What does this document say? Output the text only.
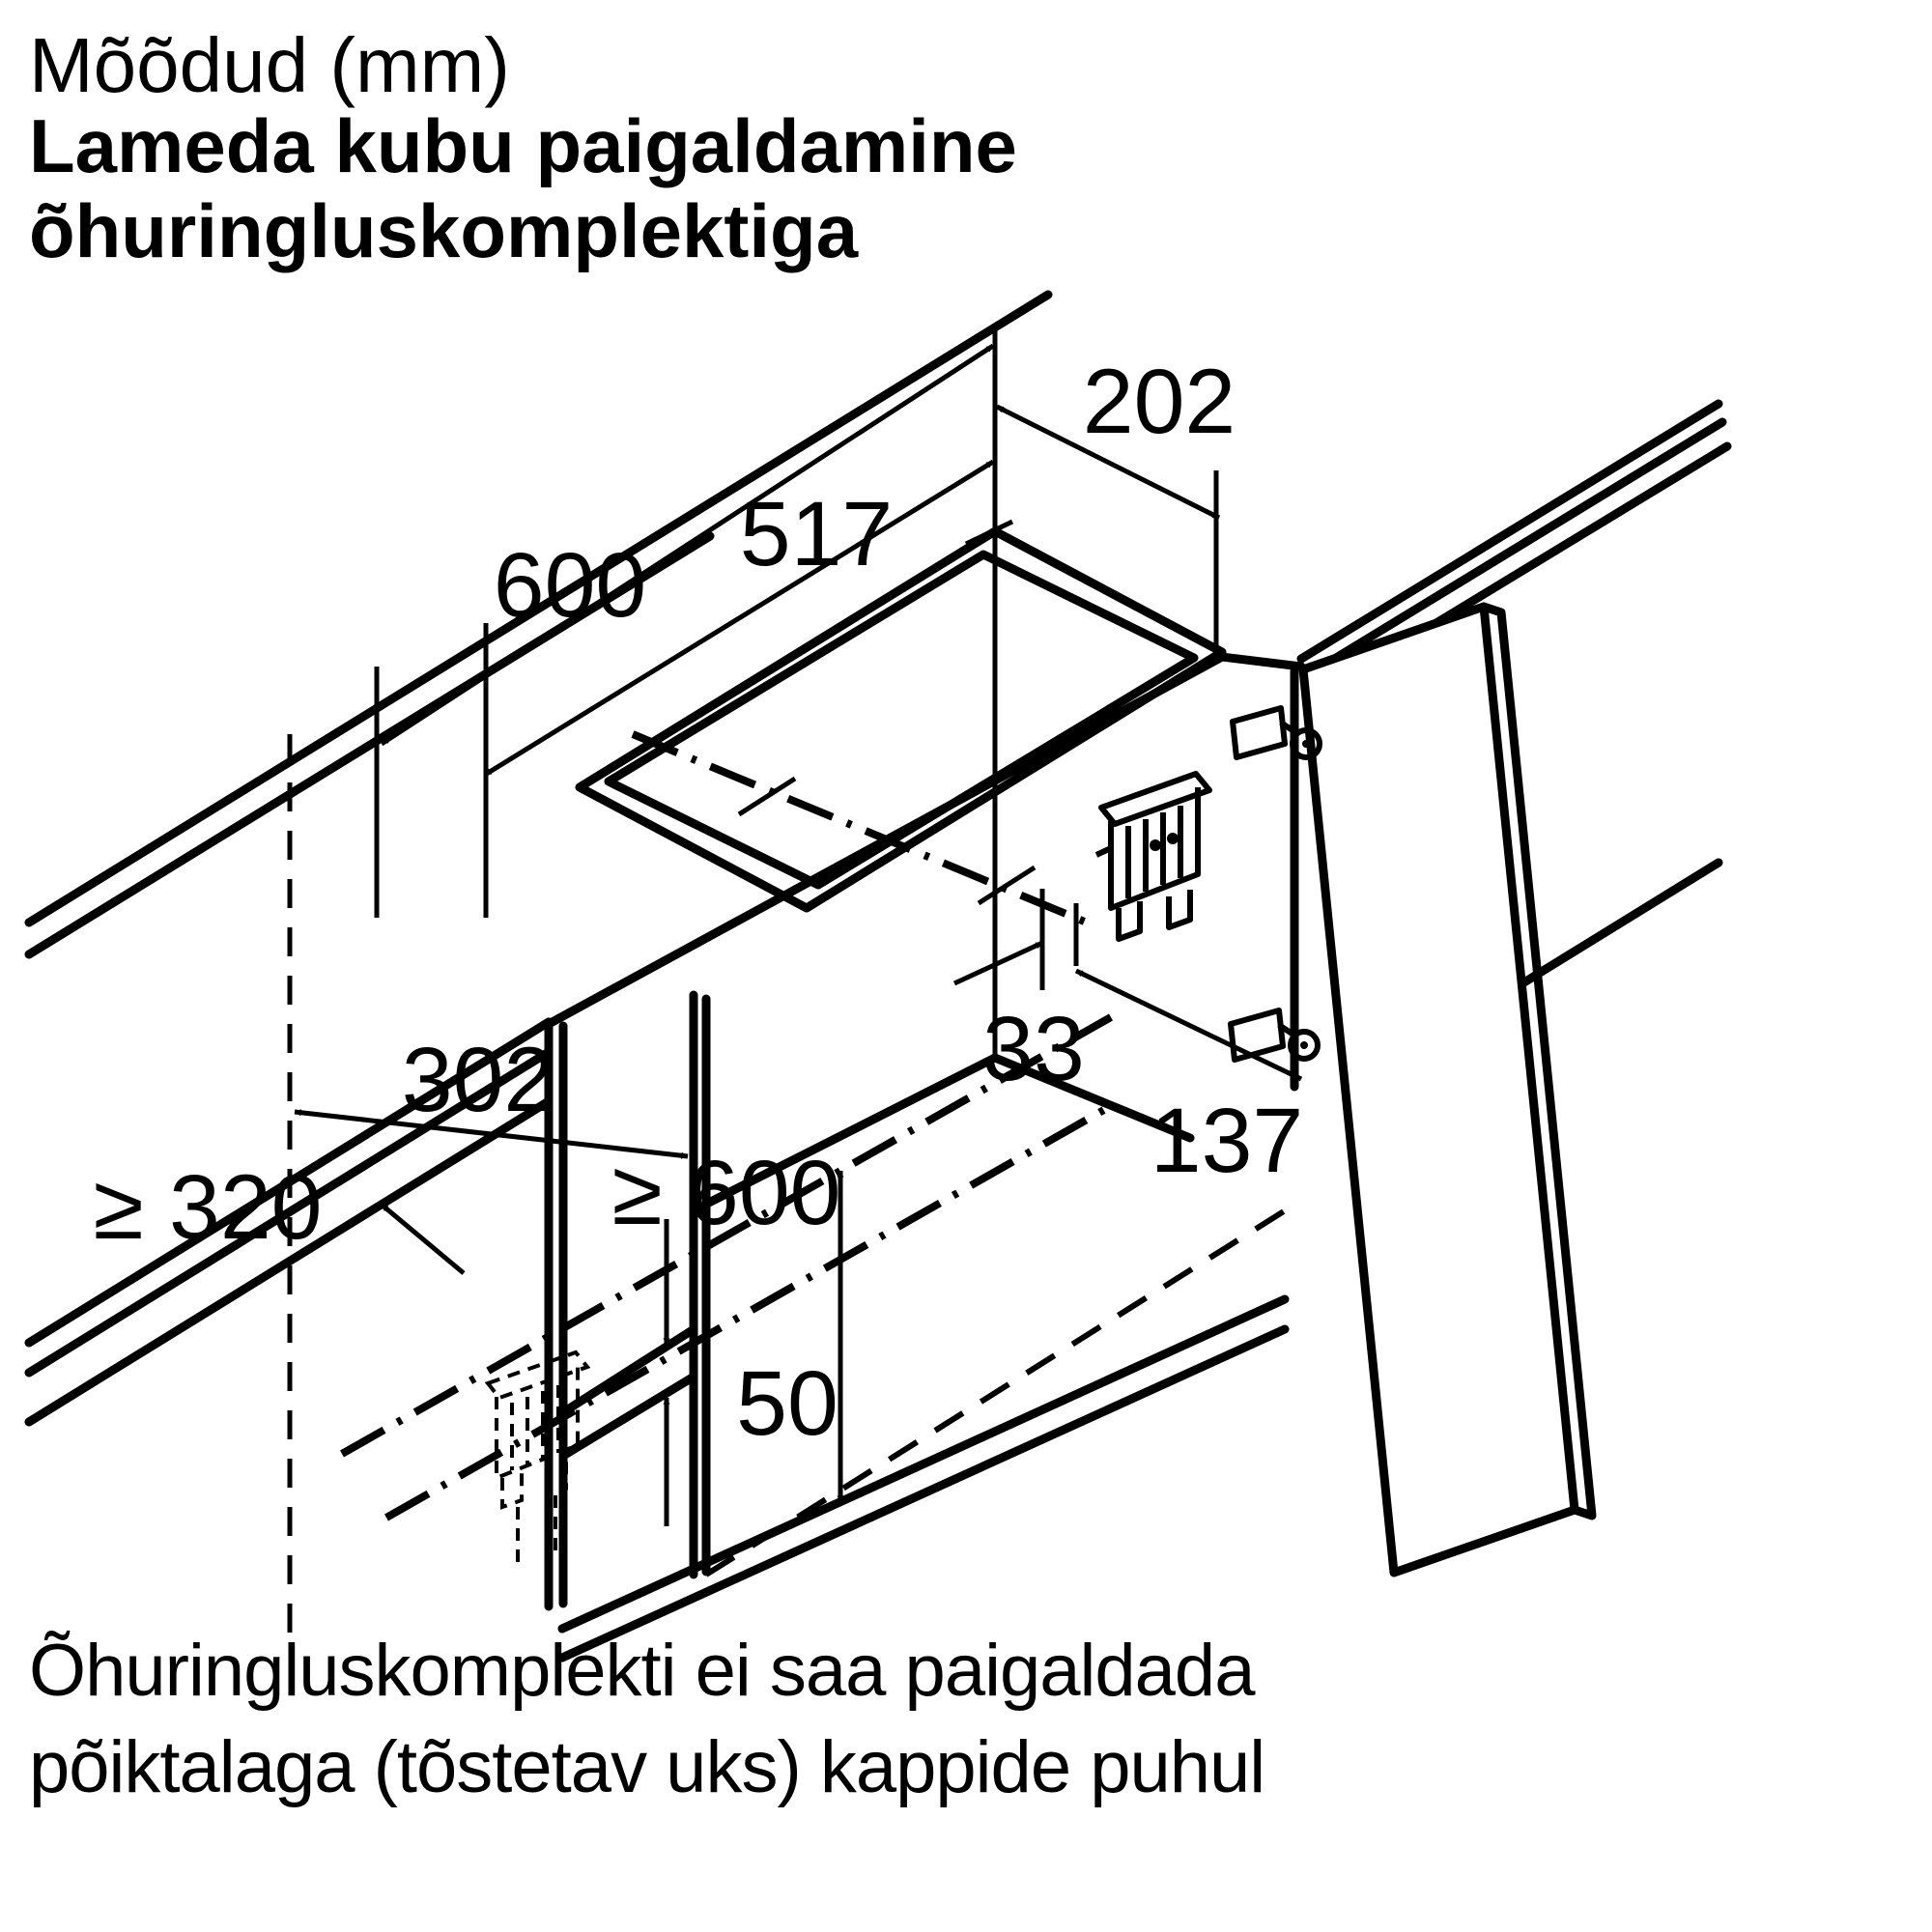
Mõõdud (mm)
Lameda kubu paigaldamine
õhuringluskomplektiga
600 517
202
302
≥ 320
33
137
≥ 600
50
Õhuringluskomplekti ei saa paigaldada
põiktalaga (tõstetav uks) kappide puhul
